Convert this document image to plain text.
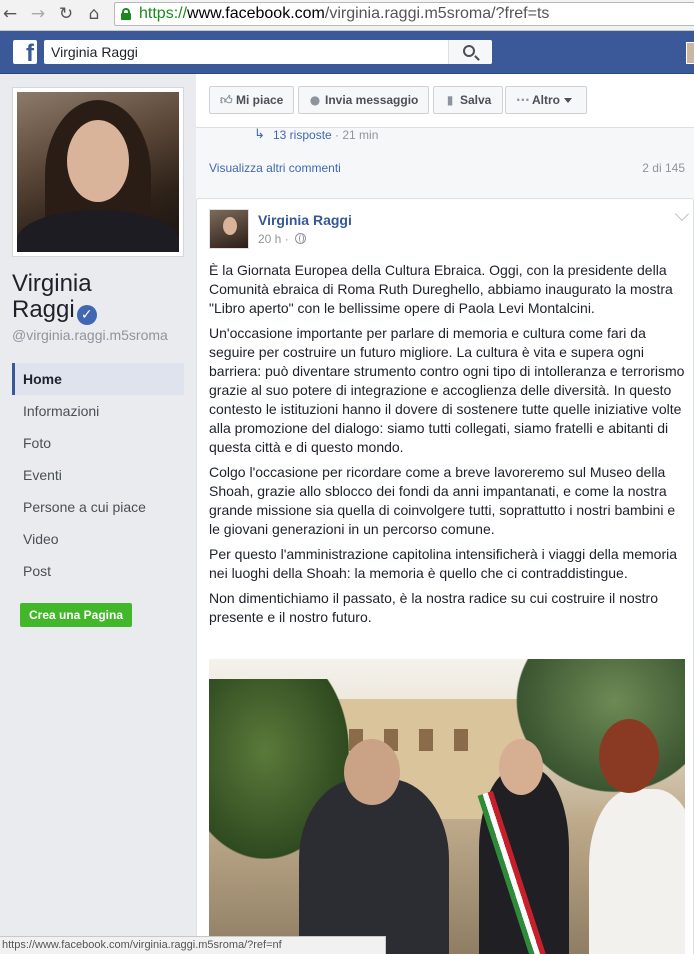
← → ↻ ⌂ https://www.facebook.com/virginia.raggi.m5sroma/?fref=ts
f Virginia Raggi
Virginia
Raggi ✓
@virginia.raggi.m5sroma
Home
Informazioni
Foto
Eventi
Persone a cui piace
Video
Post
Crea una Pagina
👍︎ Mi piace	● Invia messaggio	▮ Salva	··· Altro
↳ 13 risposte · 21 min
Visualizza altri commenti	2 di 145
Virginia Raggi
20 h ·

È la Giornata Europea della Cultura Ebraica. Oggi, con la presidente della Comunità ebraica di Roma Ruth Dureghello, abbiamo inaugurato la mostra "Libro aperto" con le bellissime opere di Paola Levi Montalcini.

Un'occasione importante per parlare di memoria e cultura come fari da seguire per costruire un futuro migliore. La cultura è vita e supera ogni barriera: può diventare strumento contro ogni tipo di intolleranza e terrorismo grazie al suo potere di integrazione e accoglienza delle diversità. In questo contesto le istituzioni hanno il dovere di sostenere tutte quelle iniziative volte alla promozione del dialogo: siamo tutti collegati, siamo fratelli e abitanti di questa città e di questo mondo.

Colgo l'occasione per ricordare come a breve lavoreremo sul Museo della Shoah, grazie allo sblocco dei fondi da anni impantanati, e come la nostra grande missione sia quella di coinvolgere tutti, soprattutto i nostri bambini e le giovani generazioni in un percorso comune.

Per questo l'amministrazione capitolina intensificherà i viaggi della memoria nei luoghi della Shoah: la memoria è quello che ci contraddistingue.

Non dimentichiamo il passato, è la nostra radice su cui costruire il nostro presente e il nostro futuro.

https://www.facebook.com/virginia.raggi.m5sroma/?ref=nf
